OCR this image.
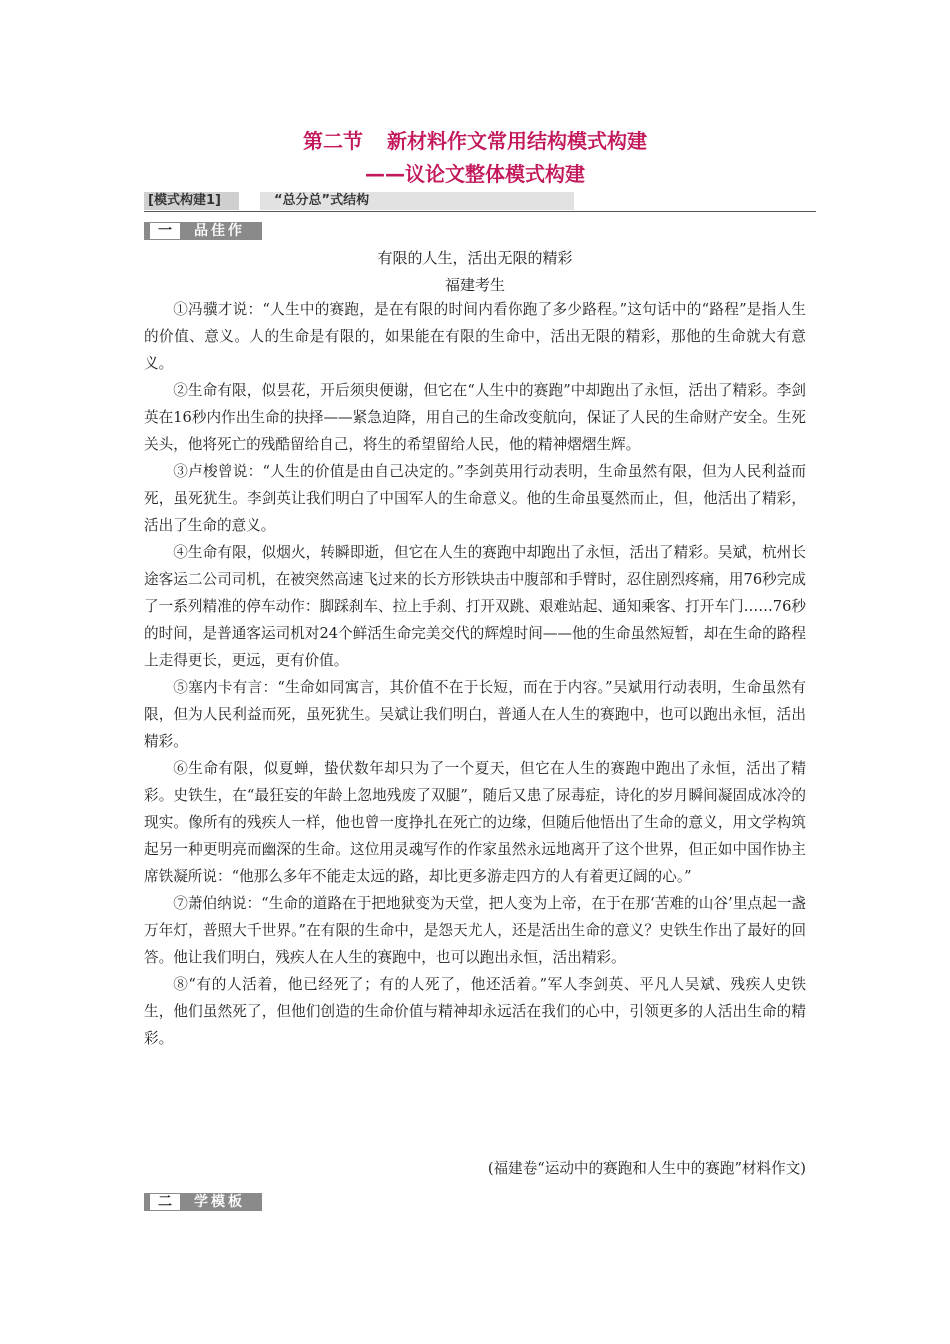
第二节 新材料作文常用结构模式构建
——议论文整体模式构建
[模式构建1]	“总分总”式结构
一	品佳作
有限的人生，活出无限的精彩
福建考生

①冯骥才说：“人生中的赛跑，是在有限的时间内看你跑了多少路程。”这句话中的“路程”是指人生的价值、意义。人的生命是有限的，如果能在有限的生命中，活出无限的精彩，那他的生命就大有意义。

②生命有限，似昙花，开后须臾便谢，但它在“人生中的赛跑”中却跑出了永恒，活出了精彩。李剑英在16秒内作出生命的抉择——紧急迫降，用自己的生命改变航向，保证了人民的生命财产安全。生死关头，他将死亡的残酷留给自己，将生的希望留给人民，他的精神熠熠生辉。

③卢梭曾说：“人生的价值是由自己决定的。”李剑英用行动表明，生命虽然有限，但为人民利益而死，虽死犹生。李剑英让我们明白了中国军人的生命意义。他的生命虽戛然而止，但，他活出了精彩，活出了生命的意义。

④生命有限，似烟火，转瞬即逝，但它在人生的赛跑中却跑出了永恒，活出了精彩。吴斌，杭州长途客运二公司司机，在被突然高速飞过来的长方形铁块击中腹部和手臂时，忍住剧烈疼痛，用76秒完成了一系列精准的停车动作：脚踩刹车、拉上手刹、打开双跳、艰难站起、通知乘客、打开车门……76秒的时间，是普通客运司机对24个鲜活生命完美交代的辉煌时间——他的生命虽然短暂，却在生命的路程上走得更长，更远，更有价值。

⑤塞内卡有言：“生命如同寓言，其价值不在于长短，而在于内容。”吴斌用行动表明，生命虽然有限，但为人民利益而死，虽死犹生。吴斌让我们明白，普通人在人生的赛跑中，也可以跑出永恒，活出精彩。

⑥生命有限，似夏蝉，蛰伏数年却只为了一个夏天，但它在人生的赛跑中跑出了永恒，活出了精彩。史铁生，在“最狂妄的年龄上忽地残废了双腿”，随后又患了尿毒症，诗化的岁月瞬间凝固成冰冷的现实。像所有的残疾人一样，他也曾一度挣扎在死亡的边缘，但随后他悟出了生命的意义，用文学构筑起另一种更明亮而幽深的生命。这位用灵魂写作的作家虽然永远地离开了这个世界，但正如中国作协主席铁凝所说：“他那么多年不能走太远的路，却比更多游走四方的人有着更辽阔的心。”

⑦萧伯纳说：“生命的道路在于把地狱变为天堂，把人变为上帝，在于在那‘苦难的山谷’里点起一盏万年灯，普照大千世界。”在有限的生命中，是怨天尤人，还是活出生命的意义？史铁生作出了最好的回答。他让我们明白，残疾人在人生的赛跑中，也可以跑出永恒，活出精彩。

⑧“有的人活着，他已经死了；有的人死了，他还活着。”军人李剑英、平凡人吴斌、残疾人史铁生，他们虽然死了，但他们创造的生命价值与精神却永远活在我们的心中，引领更多的人活出生命的精彩。

(福建卷“运动中的赛跑和人生中的赛跑”材料作文)
二	学模板
